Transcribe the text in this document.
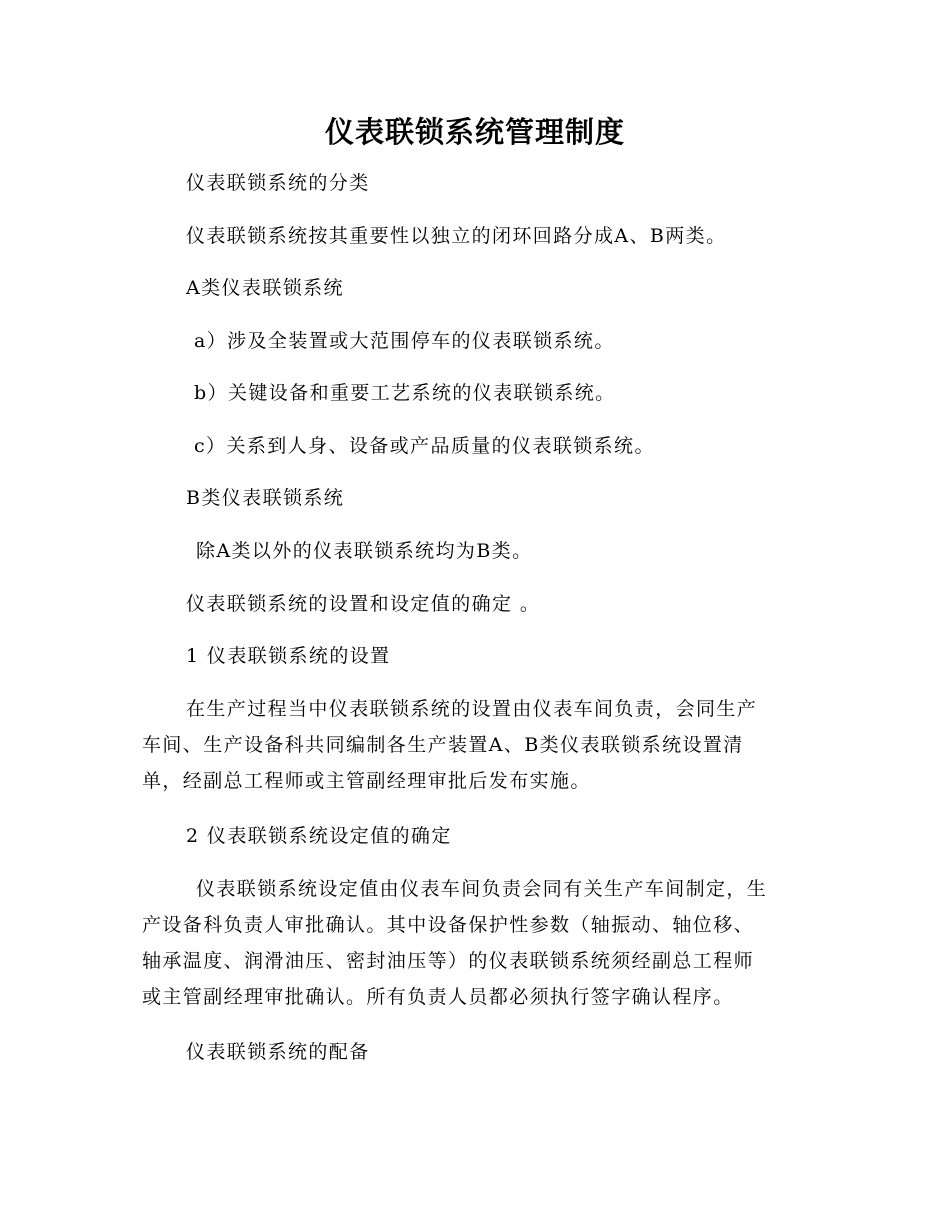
仪表联锁系统管理制度
仪表联锁系统的分类
仪表联锁系统按其重要性以独立的闭环回路分成A、B两类。
A类仪表联锁系统
a）涉及全装置或大范围停车的仪表联锁系统。
b）关键设备和重要工艺系统的仪表联锁系统。
c）关系到人身、设备或产品质量的仪表联锁系统。
B类仪表联锁系统
除A类以外的仪表联锁系统均为B类。
仪表联锁系统的设置和设定值的确定 。
1 仪表联锁系统的设置
在生产过程当中仪表联锁系统的设置由仪表车间负责，会同生产
车间、生产设备科共同编制各生产装置A、B类仪表联锁系统设置清
单，经副总工程师或主管副经理审批后发布实施。
2 仪表联锁系统设定值的确定
仪表联锁系统设定值由仪表车间负责会同有关生产车间制定，生
产设备科负责人审批确认。其中设备保护性参数（轴振动、轴位移、
轴承温度、润滑油压、密封油压等）的仪表联锁系统须经副总工程师
或主管副经理审批确认。所有负责人员都必须执行签字确认程序。
仪表联锁系统的配备
